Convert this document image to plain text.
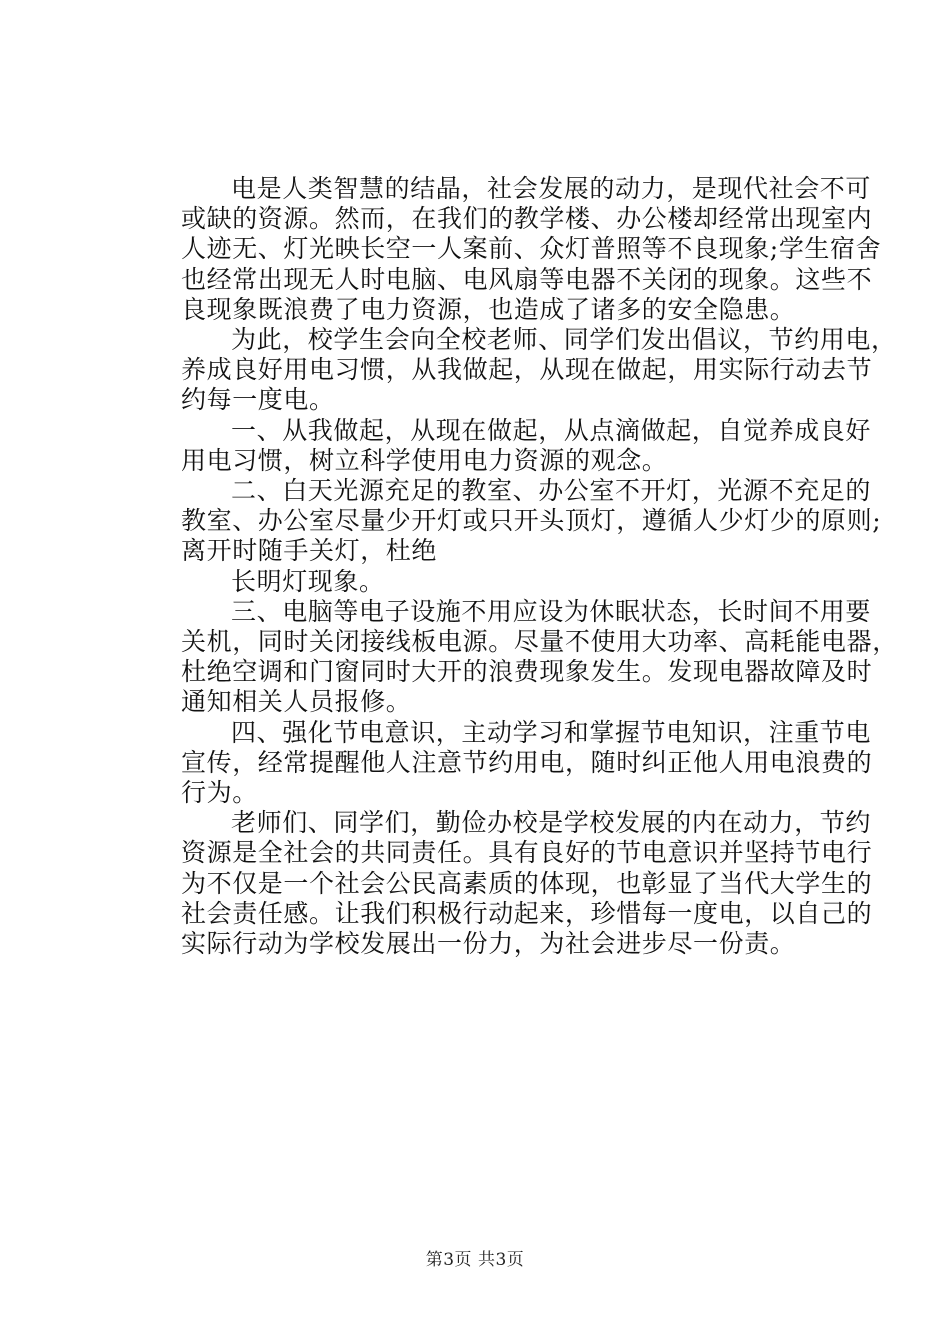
电是人类智慧的结晶，社会发展的动力，是现代社会不可
或缺的资源。然而，在我们的教学楼、办公楼却经常出现室内
人迹无、灯光映长空一人案前、众灯普照等不良现象;学生宿舍
也经常出现无人时电脑、电风扇等电器不关闭的现象。这些不
良现象既浪费了电力资源，也造成了诸多的安全隐患。

为此，校学生会向全校老师、同学们发出倡议，节约用电，
养成良好用电习惯，从我做起，从现在做起，用实际行动去节
约每一度电。

一、从我做起，从现在做起，从点滴做起，自觉养成良好
用电习惯，树立科学使用电力资源的观念。

二、白天光源充足的教室、办公室不开灯，光源不充足的
教室、办公室尽量少开灯或只开头顶灯，遵循人少灯少的原则;
离开时随手关灯，杜绝

长明灯现象。

三、电脑等电子设施不用应设为休眠状态，长时间不用要
关机，同时关闭接线板电源。尽量不使用大功率、高耗能电器，
杜绝空调和门窗同时大开的浪费现象发生。发现电器故障及时
通知相关人员报修。

四、强化节电意识，主动学习和掌握节电知识，注重节电
宣传，经常提醒他人注意节约用电，随时纠正他人用电浪费的
行为。

老师们、同学们，勤俭办校是学校发展的内在动力，节约
资源是全社会的共同责任。具有良好的节电意识并坚持节电行
为不仅是一个社会公民高素质的体现，也彰显了当代大学生的
社会责任感。让我们积极行动起来，珍惜每一度电，以自己的
实际行动为学校发展出一份力，为社会进步尽一份责。

第3页 共3页
